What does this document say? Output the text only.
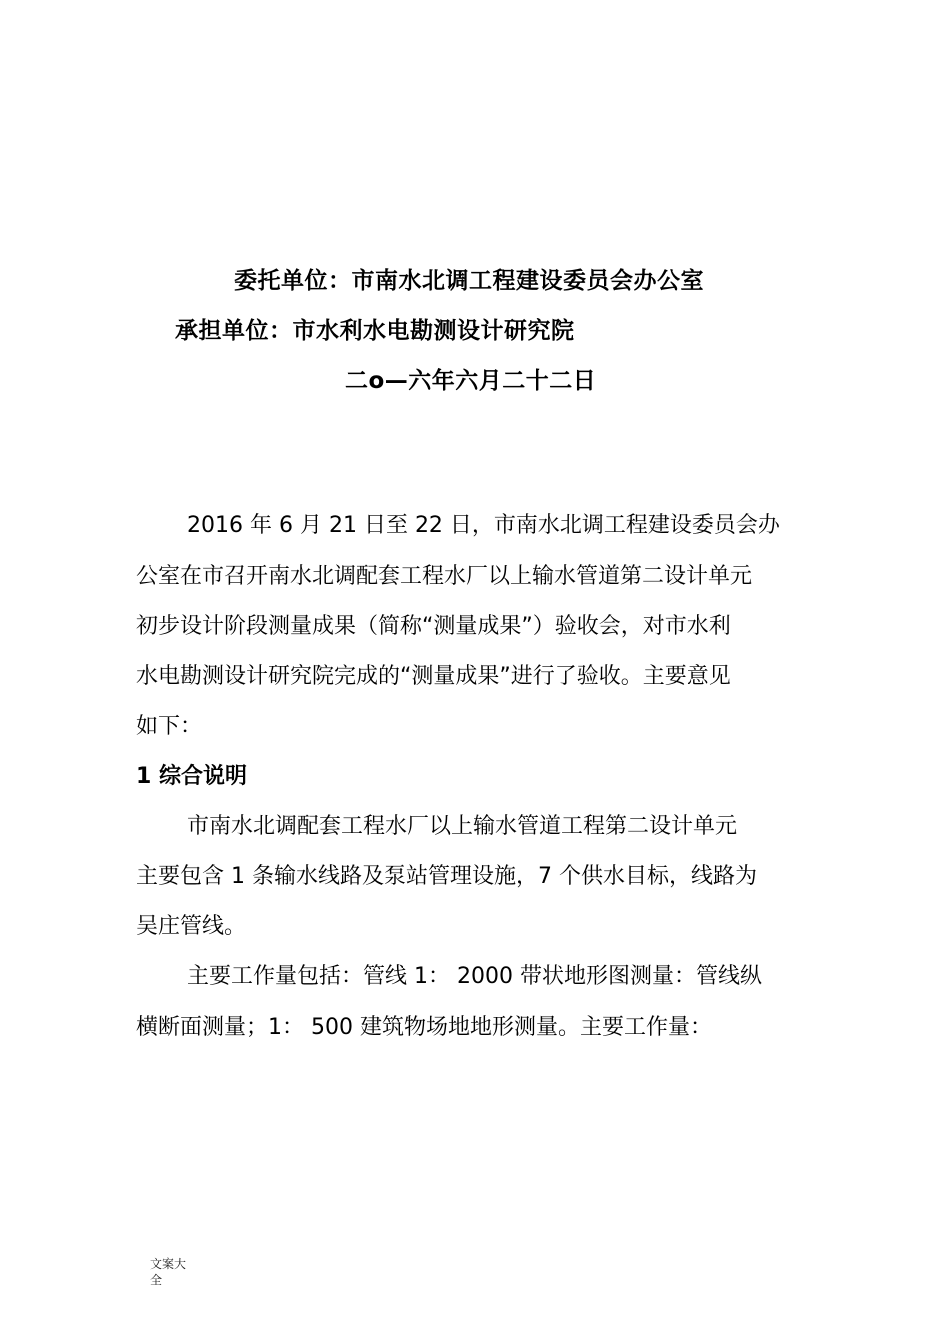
委托单位：市南水北调工程建设委员会办公室
承担单位：市水利水电勘测设计研究院
二o—六年六月二十二日
2016 年 6 月 21 日至 22 日，市南水北调工程建设委员会办
公室在市召开南水北调配套工程水厂以上输水管道第二设计单元
初步设计阶段测量成果（简称“测量成果”）验收会，对市水利
水电勘测设计研究院完成的“测量成果”进行了验收。主要意见
如下：
1 综合说明
市南水北调配套工程水厂以上输水管道工程第二设计单元
主要包含 1 条输水线路及泵站管理设施，7 个供水目标，线路为
吴庄管线。
主要工作量包括：管线 1： 2000 带状地形图测量：管线纵
横断面测量；1： 500 建筑物场地地形测量。主要工作量：
文案大
全
